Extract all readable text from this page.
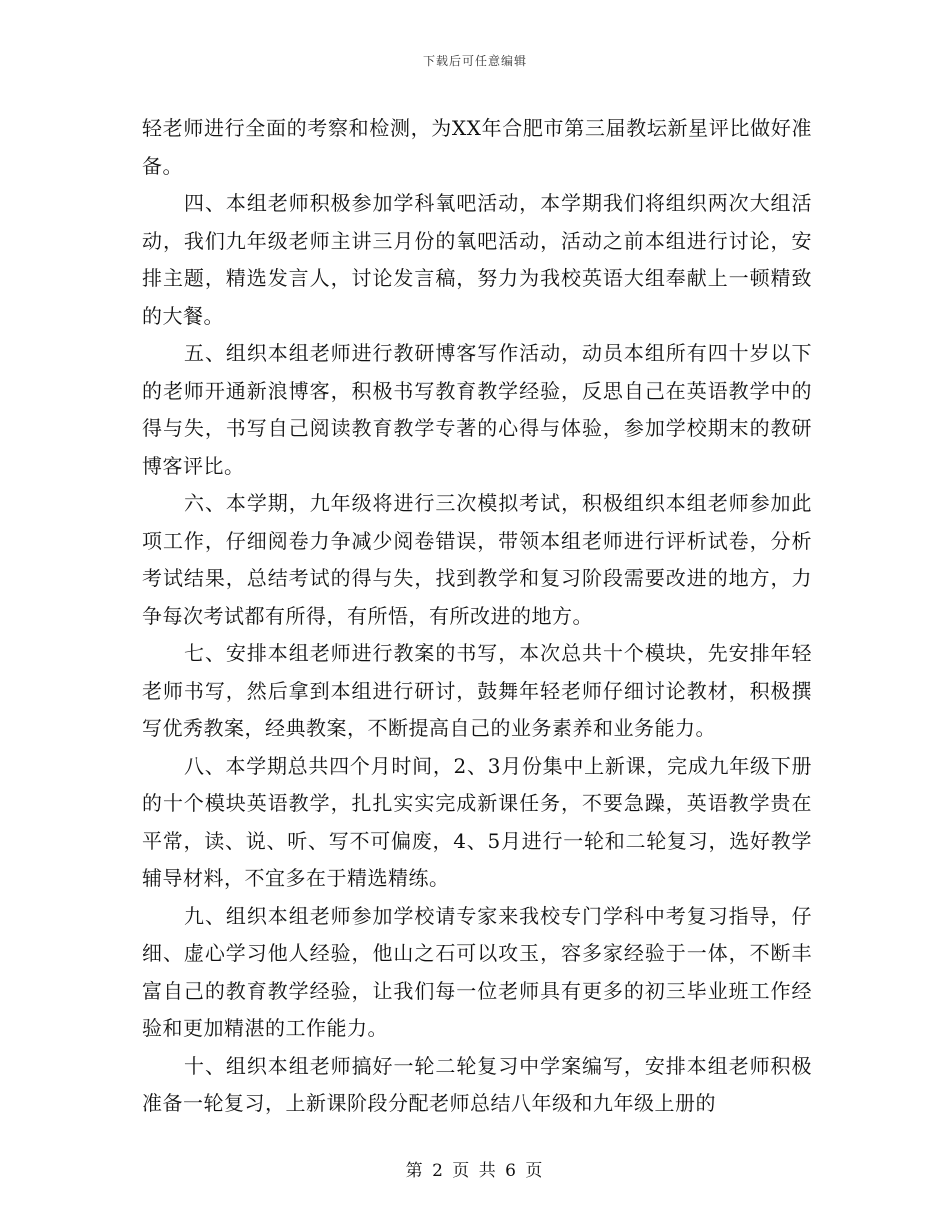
下载后可任意编辑

轻老师进行全面的考察和检测，为XX年合肥市第三届教坛新星评比做好准备。

四、本组老师积极参加学科氧吧活动，本学期我们将组织两次大组活动，我们九年级老师主讲三月份的氧吧活动，活动之前本组进行讨论，安排主题，精选发言人，讨论发言稿，努力为我校英语大组奉献上一顿精致的大餐。

五、组织本组老师进行教研博客写作活动，动员本组所有四十岁以下的老师开通新浪博客，积极书写教育教学经验，反思自己在英语教学中的得与失，书写自己阅读教育教学专著的心得与体验，参加学校期末的教研博客评比。

六、本学期，九年级将进行三次模拟考试，积极组织本组老师参加此项工作，仔细阅卷力争减少阅卷错误，带领本组老师进行评析试卷，分析考试结果，总结考试的得与失，找到教学和复习阶段需要改进的地方，力争每次考试都有所得，有所悟，有所改进的地方。

七、安排本组老师进行教案的书写，本次总共十个模块，先安排年轻老师书写，然后拿到本组进行研讨，鼓舞年轻老师仔细讨论教材，积极撰写优秀教案，经典教案，不断提高自己的业务素养和业务能力。

八、本学期总共四个月时间，2、3月份集中上新课，完成九年级下册的十个模块英语教学，扎扎实实完成新课任务，不要急躁，英语教学贵在平常，读、说、听、写不可偏废，4、5月进行一轮和二轮复习，选好教学辅导材料，不宜多在于精选精练。

九、组织本组老师参加学校请专家来我校专门学科中考复习指导，仔细、虚心学习他人经验，他山之石可以攻玉，容多家经验于一体，不断丰富自己的教育教学经验，让我们每一位老师具有更多的初三毕业班工作经验和更加精湛的工作能力。

十、组织本组老师搞好一轮二轮复习中学案编写，安排本组老师积极准备一轮复习，上新课阶段分配老师总结八年级和九年级上册的

第 2 页 共 6 页
